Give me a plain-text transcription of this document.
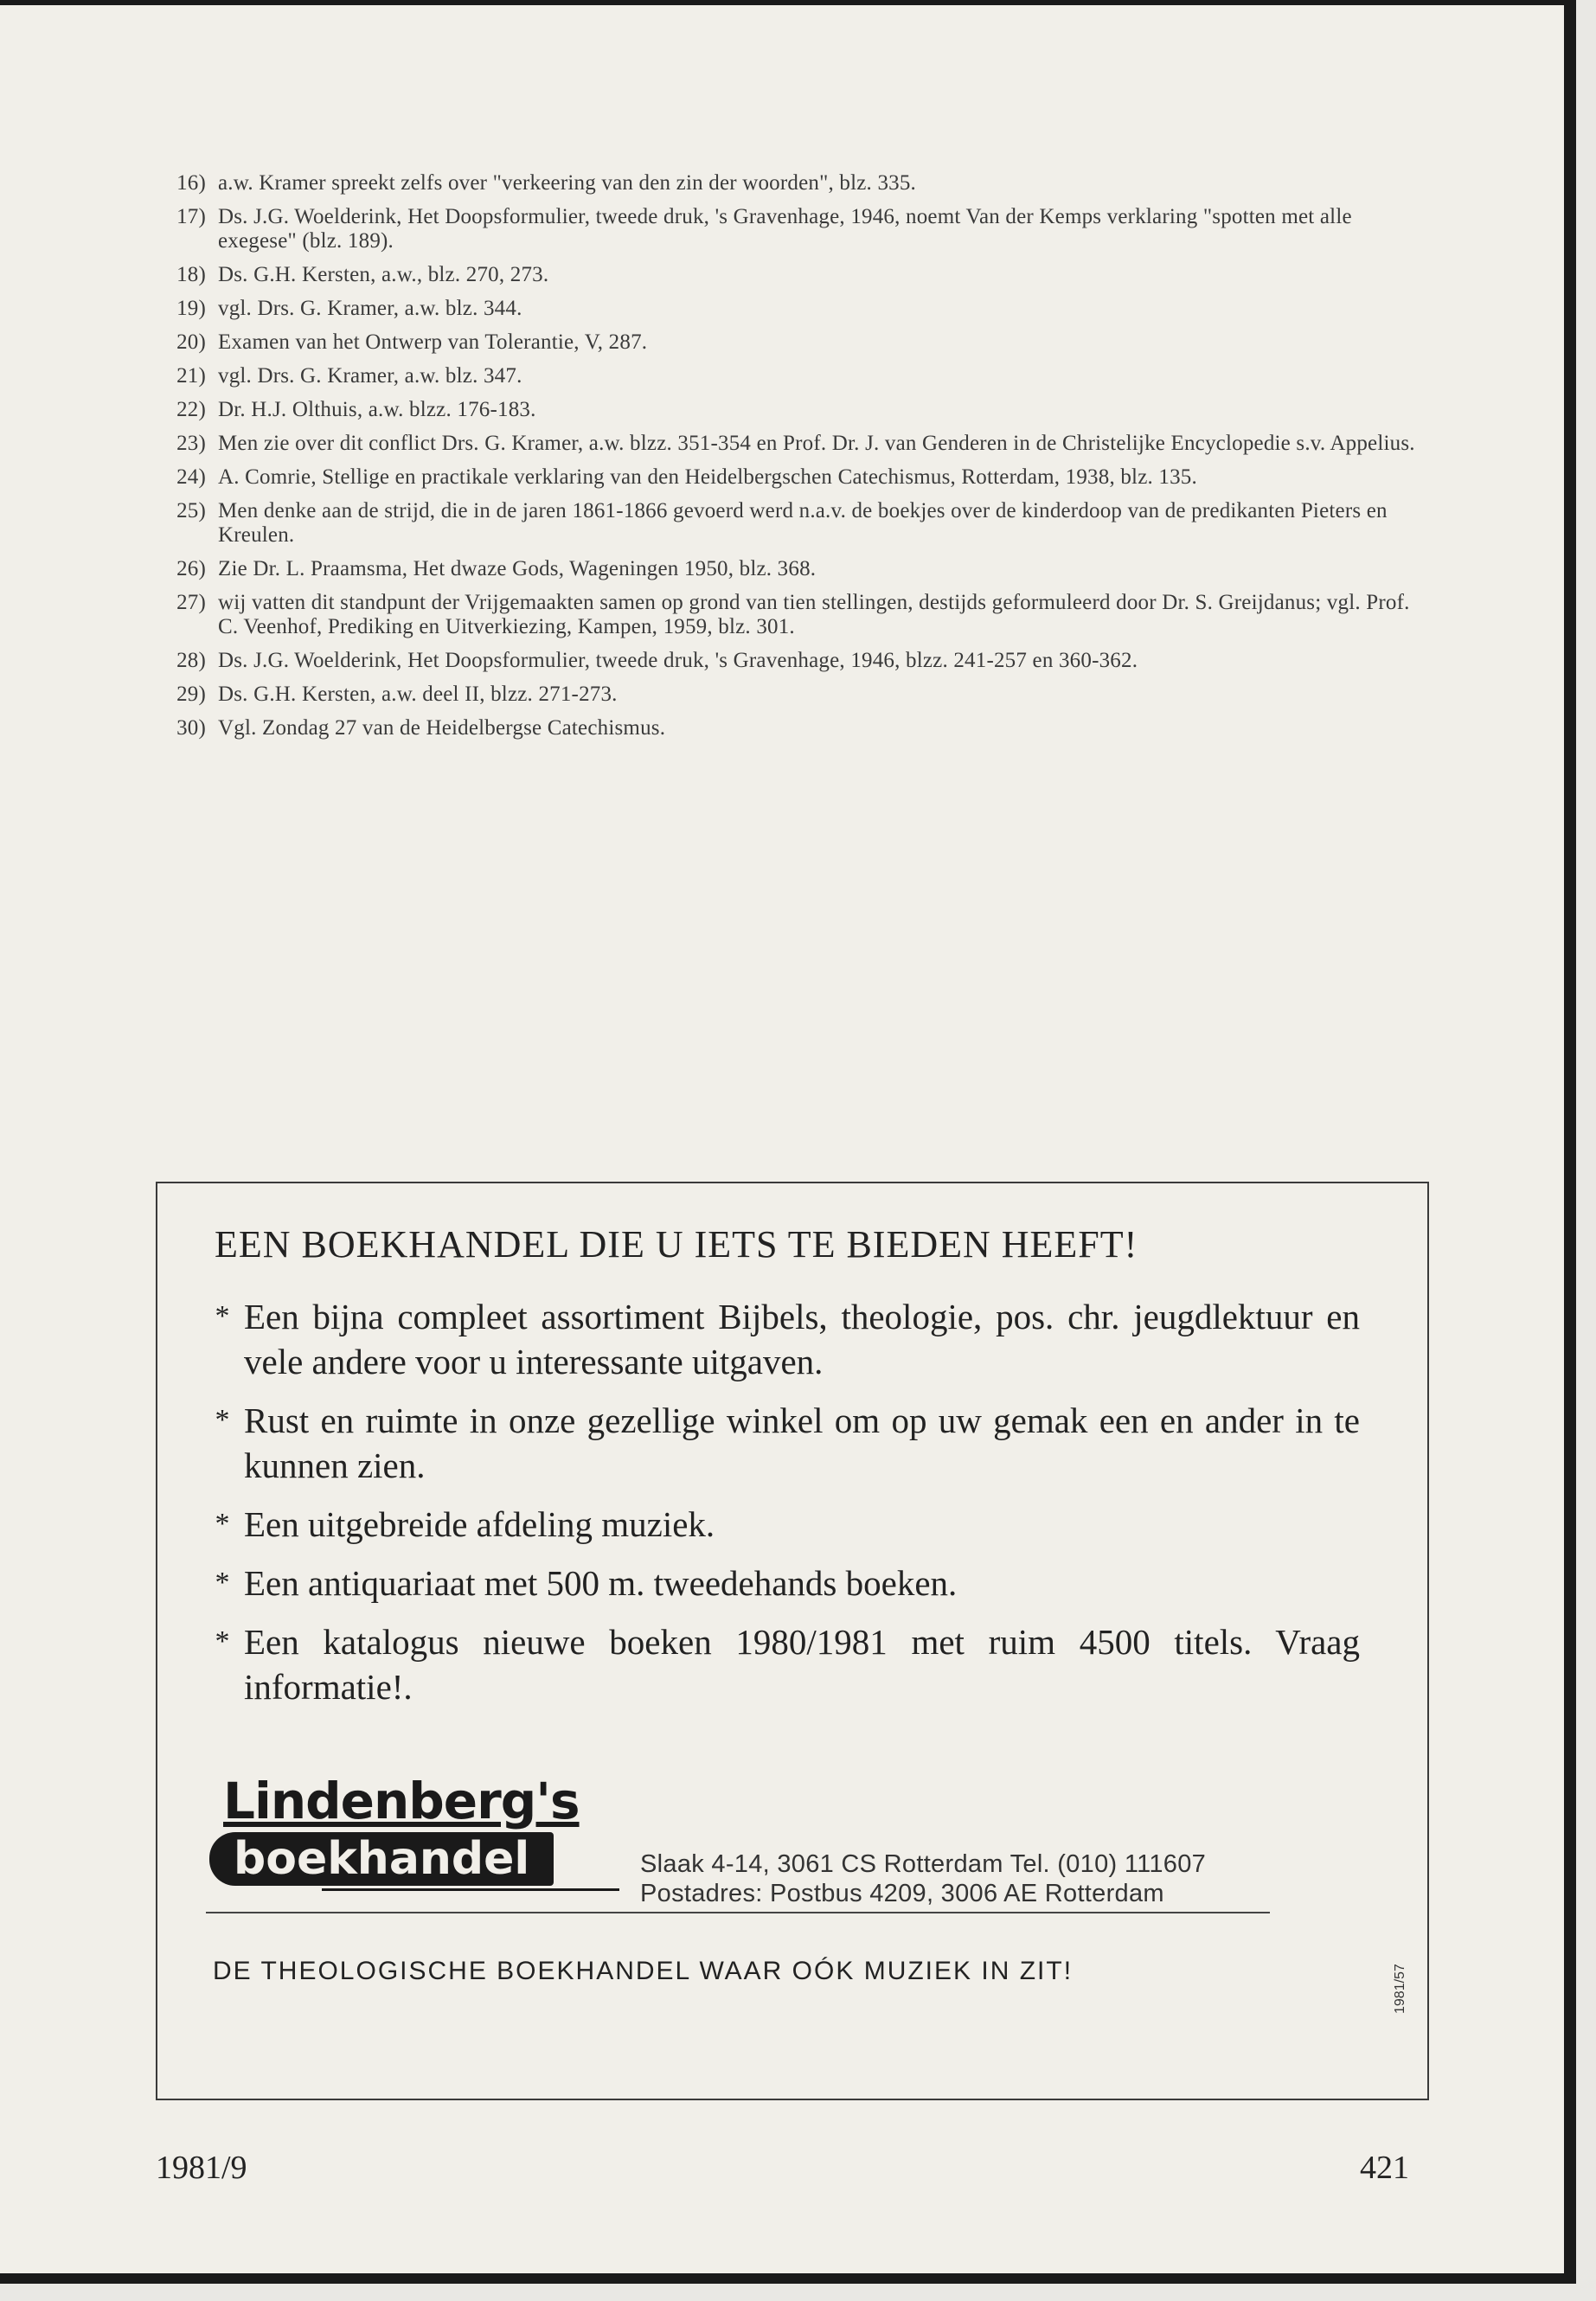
16) a.w. Kramer spreekt zelfs over "verkeering van den zin der woorden", blz. 335.
17) Ds. J.G. Woelderink, Het Doopsformulier, tweede druk, 's Gravenhage, 1946, noemt Van der Kemps verklaring "spotten met alle exegese" (blz. 189).
18) Ds. G.H. Kersten, a.w., blz. 270, 273.
19) vgl. Drs. G. Kramer, a.w. blz. 344.
20) Examen van het Ontwerp van Tolerantie, V, 287.
21) vgl. Drs. G. Kramer, a.w. blz. 347.
22) Dr. H.J. Olthuis, a.w. blzz. 176-183.
23) Men zie over dit conflict Drs. G. Kramer, a.w. blzz. 351-354 en Prof. Dr. J. van Genderen in de Christelijke Encyclopedie s.v. Appelius.
24) A. Comrie, Stellige en practikale verklaring van den Heidelbergschen Catechismus, Rotterdam, 1938, blz. 135.
25) Men denke aan de strijd, die in de jaren 1861-1866 gevoerd werd n.a.v. de boekjes over de kinderdoop van de predikanten Pieters en Kreulen.
26) Zie Dr. L. Praamsma, Het dwaze Gods, Wageningen 1950, blz. 368.
27) wij vatten dit standpunt der Vrijgemaakten samen op grond van tien stellingen, destijds geformuleerd door Dr. S. Greijdanus; vgl. Prof. C. Veenhof, Prediking en Uitverkiezing, Kampen, 1959, blz. 301.
28) Ds. J.G. Woelderink, Het Doopsformulier, tweede druk, 's Gravenhage, 1946, blzz. 241-257 en 360-362.
29) Ds. G.H. Kersten, a.w. deel II, blzz. 271-273.
30) Vgl. Zondag 27 van de Heidelbergse Catechismus.
EEN BOEKHANDEL DIE U IETS TE BIEDEN HEEFT!
* Een bijna compleet assortiment Bijbels, theologie, pos. chr. jeugdlektuur en vele andere voor u interessante uitgaven.
* Rust en ruimte in onze gezellige winkel om op uw gemak een en ander in te kunnen zien.
* Een uitgebreide afdeling muziek.
* Een antiquariaat met 500 m. tweedehands boeken.
* Een katalogus nieuwe boeken 1980/1981 met ruim 4500 titels. Vraag informatie!.
Lindenberg's
boekhandel	Slaak 4-14, 3061 CS Rotterdam Tel. (010) 111607
Postadres: Postbus 4209, 3006 AE Rotterdam
DE THEOLOGISCHE BOEKHANDEL WAAR OÓK MUZIEK IN ZIT!	1981/57
1981/9	421
